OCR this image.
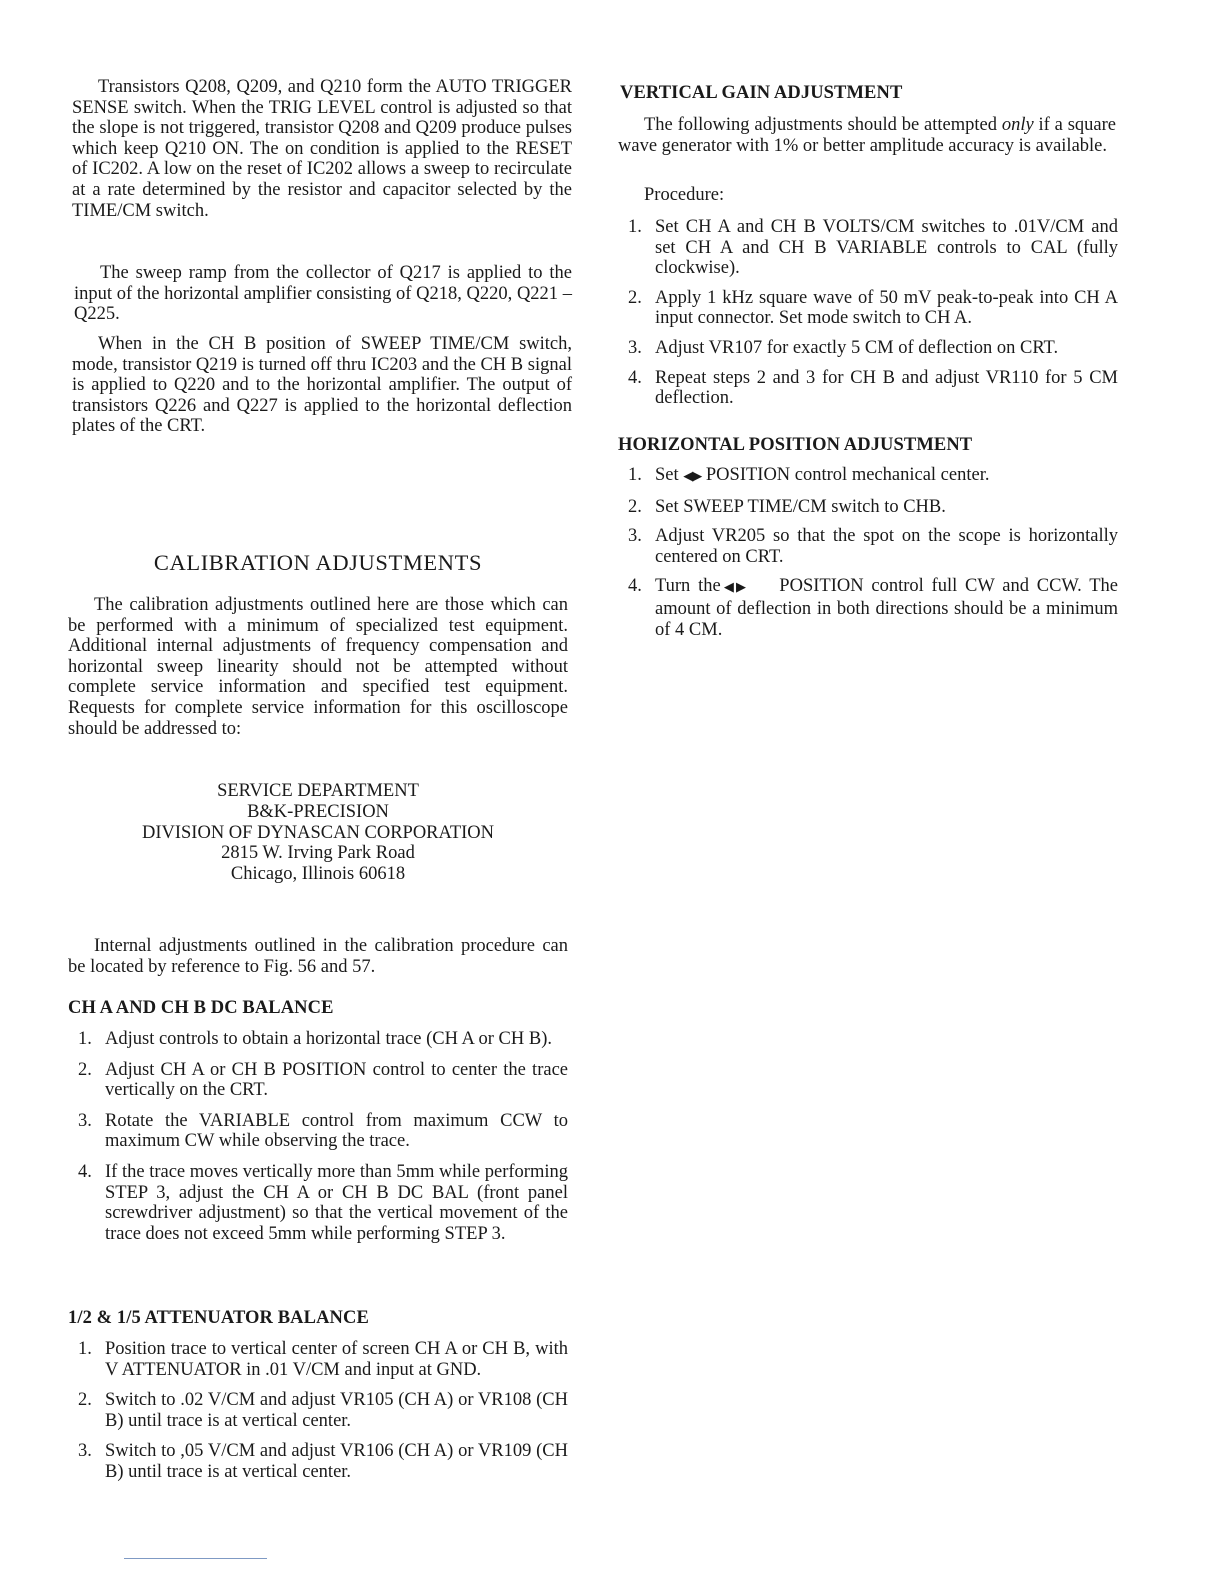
Transistors Q208, Q209, and Q210 form the AUTO TRIGGER SENSE switch. When the TRIG LEVEL control is adjusted so that the slope is not triggered, transistor Q208 and Q209 produce pulses which keep Q210 ON. The on condition is applied to the RESET of IC202. A low on the reset of IC202 allows a sweep to recirculate at a rate determined by the resistor and capacitor selected by the TIME/CM switch.

The sweep ramp from the collector of Q217 is applied to the input of the horizontal amplifier consisting of Q218, Q220, Q221 – Q225.

When in the CH B position of SWEEP TIME/CM switch, mode, transistor Q219 is turned off thru IC203 and the CH B signal is applied to Q220 and to the horizontal amplifier. The output of transistors Q226 and Q227 is applied to the horizontal deflection plates of the CRT.

CALIBRATION ADJUSTMENTS

The calibration adjustments outlined here are those which can be performed with a minimum of specialized test equipment. Additional internal adjustments of frequency compensation and horizontal sweep linearity should not be attempted without complete service information and specified test equipment. Requests for complete service information for this oscilloscope should be addressed to:

SERVICE DEPARTMENT
B&K-PRECISION
DIVISION OF DYNASCAN CORPORATION
2815 W. Irving Park Road
Chicago, Illinois 60618

Internal adjustments outlined in the calibration procedure can be located by reference to Fig. 56 and 57.

CH A AND CH B DC BALANCE
1. Adjust controls to obtain a horizontal trace (CH A or CH B).
2. Adjust CH A or CH B POSITION control to center the trace vertically on the CRT.
3. Rotate the VARIABLE control from maximum CCW to maximum CW while observing the trace.
4. If the trace moves vertically more than 5mm while performing STEP 3, adjust the CH A or CH B DC BAL (front panel screwdriver adjustment) so that the vertical movement of the trace does not exceed 5mm while performing STEP 3.
1/2 & 1/5 ATTENUATOR BALANCE
1. Position trace to vertical center of screen CH A or CH B, with V ATTENUATOR in .01 V/CM and input at GND.
2. Switch to .02 V/CM and adjust VR105 (CH A) or VR108 (CH B) until trace is at vertical center.
3. Switch to ,05 V/CM and adjust VR106 (CH A) or VR109 (CH B) until trace is at vertical center.
VERTICAL GAIN ADJUSTMENT

The following adjustments should be attempted only if a square wave generator with 1% or better amplitude accuracy is available.

Procedure:

1. Set CH A and CH B VOLTS/CM switches to .01V/CM and set CH A and CH B VARIABLE controls to CAL (fully clockwise).
2. Apply 1 kHz square wave of 50 mV peak-to-peak into CH A input connector. Set mode switch to CH A.
3. Adjust VR107 for exactly 5 CM of deflection on CRT.
4. Repeat steps 2 and 3 for CH B and adjust VR110 for 5 CM deflection.
HORIZONTAL POSITION ADJUSTMENT
1. Set ◀▶ POSITION control mechanical center.
2. Set SWEEP TIME/CM switch to CHB.
3. Adjust VR205 so that the spot on the scope is horizontally centered on CRT.
4. Turn the◀▶ POSITION control full CW and CCW. The amount of deflection in both directions should be a minimum of 4 CM.
